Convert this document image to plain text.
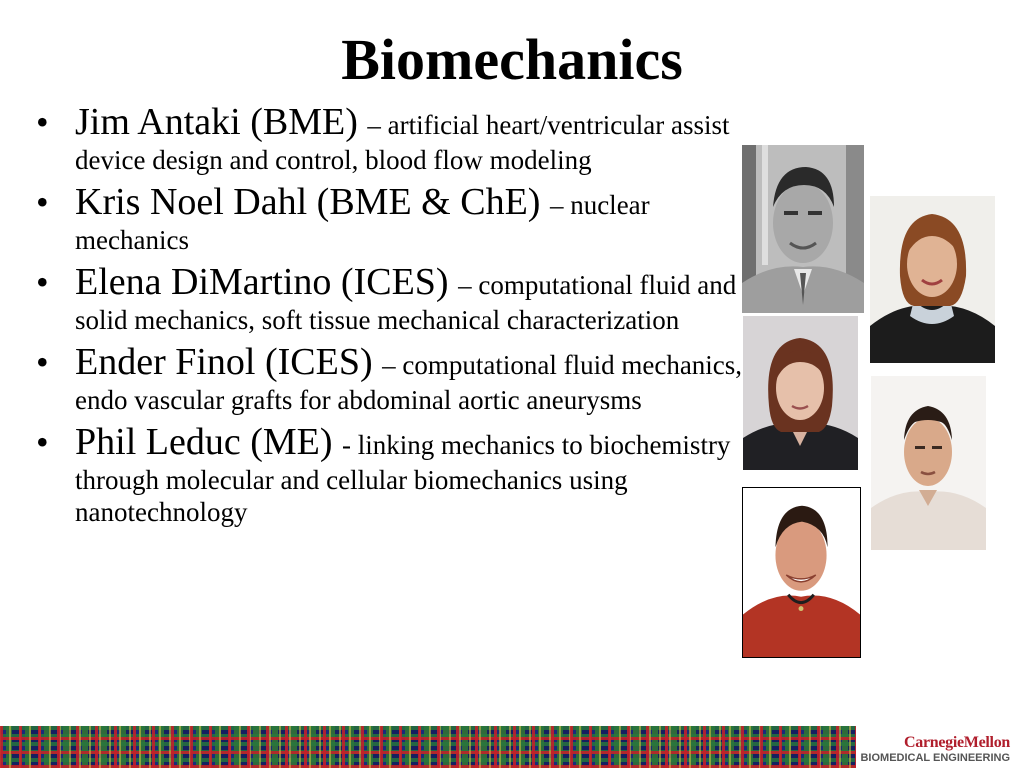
Biomechanics
• Jim Antaki (BME) – artificial heart/ventricular assist device design and control, blood flow modeling
• Kris Noel Dahl (BME & ChE) – nuclear mechanics
• Elena DiMartino (ICES) – computational fluid and solid mechanics, soft tissue mechanical characterization
• Ender Finol (ICES) – computational fluid mechanics, endo vascular grafts for abdominal aortic aneurysms
• Phil Leduc (ME) - linking mechanics to biochemistry through molecular and cellular biomechanics using nanotechnology
CarnegieMellon
BIOMEDICAL ENGINEERING
